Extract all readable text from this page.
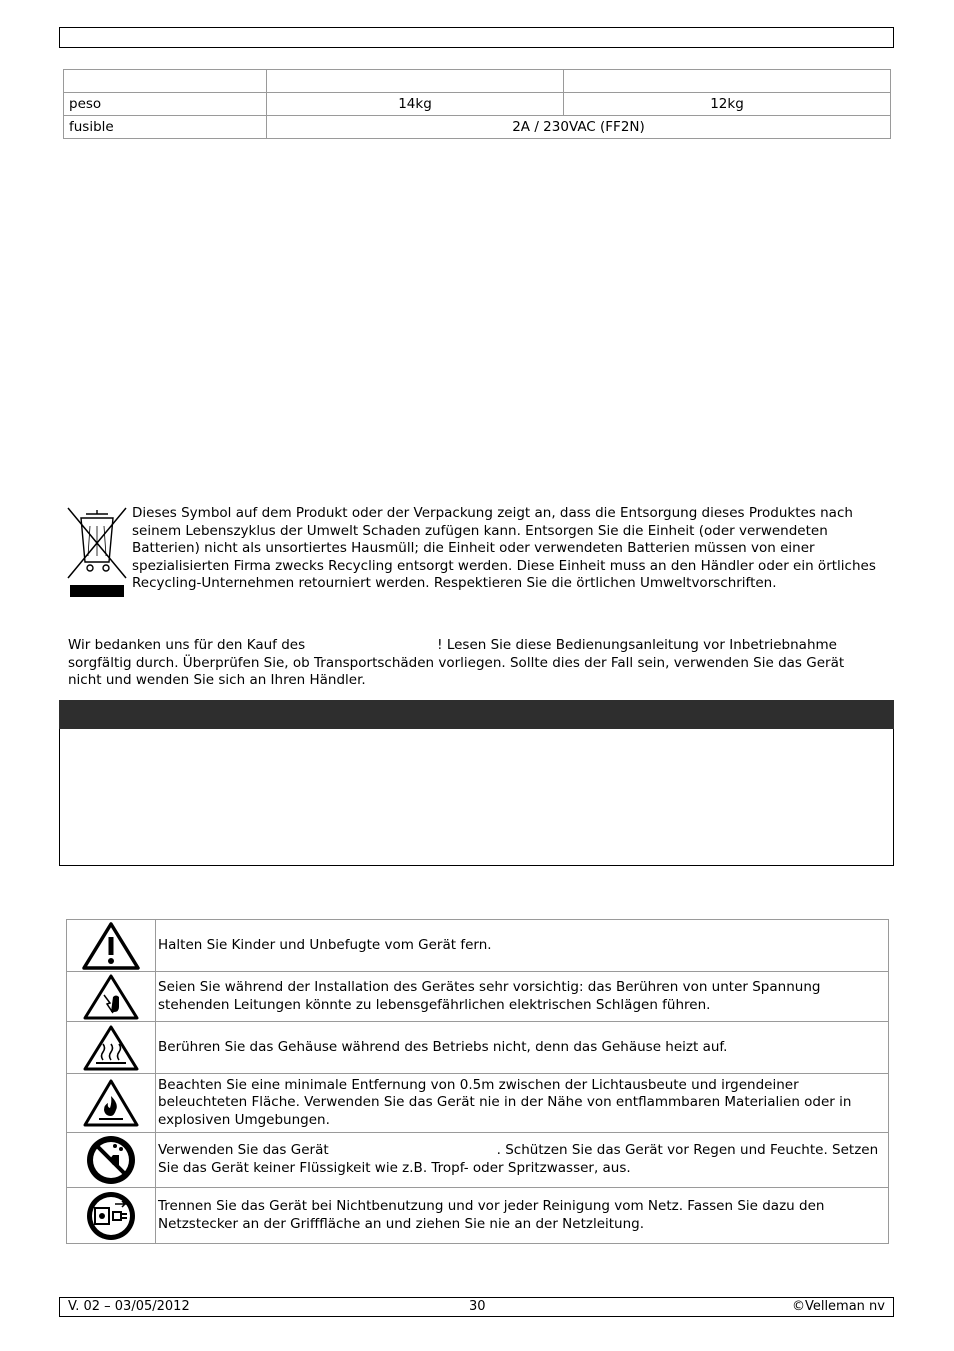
peso	14kg	12kg
fusible	2A / 230VAC (FF2N)	
Dieses Symbol auf dem Produkt oder der Verpackung zeigt an, dass die Entsorgung dieses Produktes nach seinem Lebenszyklus der Umwelt Schaden zufügen kann. Entsorgen Sie die Einheit (oder verwendeten Batterien) nicht als unsortiertes Hausmüll; die Einheit oder verwendeten Batterien müssen von einer spezialisierten Firma zwecks Recycling entsorgt werden. Diese Einheit muss an den Händler oder ein örtliches Recycling-Unternehmen retourniert werden. Respektieren Sie die örtlichen Umweltvorschriften.
Wir bedanken uns für den Kauf des	! Lesen Sie diese Bedienungsanleitung vor Inbetriebnahme sorgfältig durch. Überprüfen Sie, ob Transportschäden vorliegen. Sollte dies der Fall sein, verwenden Sie das Gerät nicht und wenden Sie sich an Ihren Händler.
	Halten Sie Kinder und Unbefugte vom Gerät fern.

	Seien Sie während der Installation des Gerätes sehr vorsichtig: das Berühren von unter Spannung stehenden Leitungen könnte zu lebensgefährlichen elektrischen Schlägen führen.

	Berühren Sie das Gehäuse während des Betriebs nicht, denn das Gehäuse heizt auf.

	Beachten Sie eine minimale Entfernung von 0.5m zwischen der Lichtausbeute und irgendeiner beleuchteten Fläche. Verwenden Sie das Gerät nie in der Nähe von entflammbaren Materialien oder in explosiven Umgebungen.

	Verwenden Sie das Gerät . Schützen Sie das Gerät vor Regen und Feuchte. Setzen Sie das Gerät keiner Flüssigkeit wie z.B. Tropf- oder Spritzwasser, aus.

	Trennen Sie das Gerät bei Nichtbenutzung und vor jeder Reinigung vom Netz. Fassen Sie dazu den Netzstecker an der Grifffläche an und ziehen Sie nie an der Netzleitung.
V. 02 – 03/05/2012	30	©Velleman nv
